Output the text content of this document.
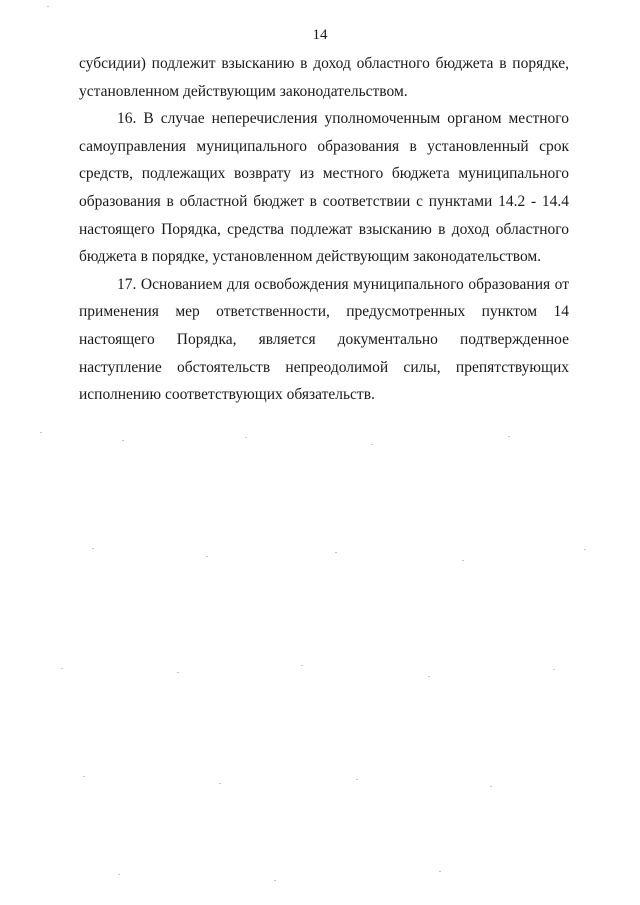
14

субсидии) подлежит взысканию в доход областного бюджета в порядке, установленном действующим законодательством.

16. В случае неперечисления уполномоченным органом местного самоуправления муниципального образования в установленный срок средств, подлежащих возврату из местного бюджета муниципального образования в областной бюджет в соответствии с пунктами 14.2 - 14.4 настоящего Порядка, средства подлежат взысканию в доход областного бюджета в порядке, установленном действующим законодательством.

17. Основанием для освобождения муниципального образования от применения мер ответственности, предусмотренных пунктом 14 настоящего Порядка, является документально подтвержденное наступление обстоятельств непреодолимой силы, препятствующих исполнению соответствующих обязательств.
